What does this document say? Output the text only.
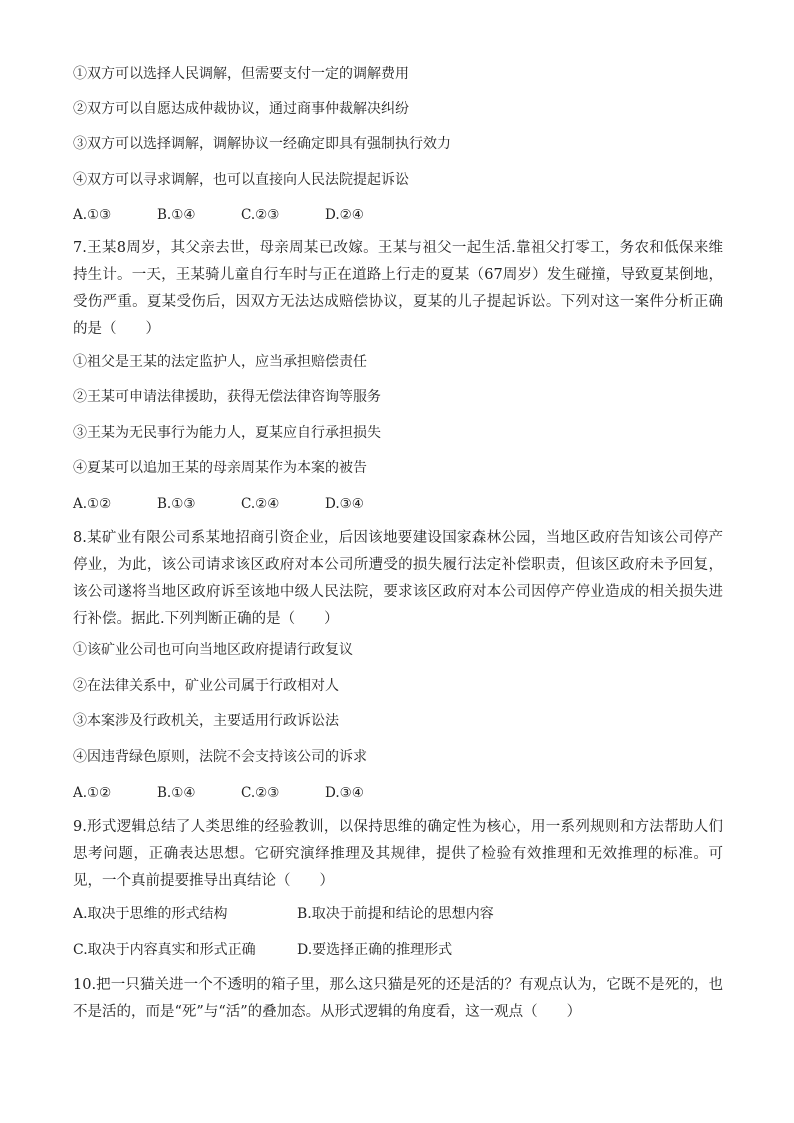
①双方可以选择人民调解，但需要支付一定的调解费用
②双方可以自愿达成仲裁协议，通过商事仲裁解决纠纷
③双方可以选择调解，调解协议一经确定即具有强制执行效力
④双方可以寻求调解，也可以直接向人民法院提起诉讼
A.①③	B.①④	C.②③	D.②④
7.王某8周岁，其父亲去世，母亲周某已改嫁。王某与祖父一起生活.靠祖父打零工，务农和低保来维持生计。一天，王某骑儿童自行车时与正在道路上行走的夏某（67周岁）发生碰撞，导致夏某倒地，受伤严重。夏某受伤后，因双方无法达成赔偿协议，夏某的儿子提起诉讼。下列对这一案件分析正确的是（　　）
①祖父是王某的法定监护人，应当承担赔偿责任
②王某可申请法律援助，获得无偿法律咨询等服务
③王某为无民事行为能力人，夏某应自行承担损失
④夏某可以追加王某的母亲周某作为本案的被告
A.①②	B.①③	C.②④	D.③④
8.某矿业有限公司系某地招商引资企业，后因该地要建设国家森林公园，当地区政府告知该公司停产停业，为此，该公司请求该区政府对本公司所遭受的损失履行法定补偿职责，但该区政府未予回复，该公司遂将当地区政府诉至该地中级人民法院，要求该区政府对本公司因停产停业造成的相关损失进行补偿。据此.下列判断正确的是（　　）
①该矿业公司也可向当地区政府提请行政复议
②在法律关系中，矿业公司属于行政相对人
③本案涉及行政机关，主要适用行政诉讼法
④因违背绿色原则，法院不会支持该公司的诉求
A.①②	B.①④	C.②③	D.③④
9.形式逻辑总结了人类思维的经验教训，以保持思维的确定性为核心，用一系列规则和方法帮助人们思考问题，正确表达思想。它研究演绎推理及其规律，提供了检验有效推理和无效推理的标准。可见，一个真前提要推导出真结论（　　）
A.取决于思维的形式结构	B.取决于前提和结论的思想内容
C.取决于内容真实和形式正确	D.要选择正确的推理形式
10.把一只猫关进一个不透明的箱子里，那么这只猫是死的还是活的？有观点认为，它既不是死的，也不是活的，而是“死”与“活”的叠加态。从形式逻辑的角度看，这一观点（　　）
